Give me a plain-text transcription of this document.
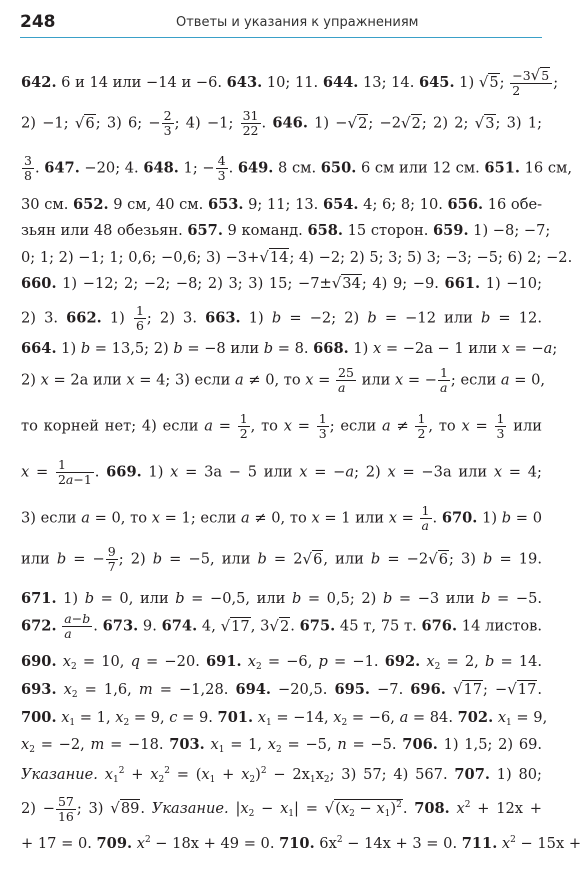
248	Ответы и указания к упражнениям
642. 6 и 14 или −14 и −6. 643. 10; 11. 644. 13; 14. 645. 1) √5; $\frac{-3√5}{2}$ ;
2) −1; √6; 3) 6; − $\frac{2}{3}$ ; 4) −1; $\frac{31}{22}$ . 646. 1) −√2; −2√2; 2) 2; √3; 3) 1;
$\frac{3}{8}$ . 647. −20; 4. 648. 1; − $\frac{4}{3}$ . 649. 8 см. 650. 6 см или 12 см. 651. 16 см,
30 см. 652. 9 см, 40 см. 653. 9; 11; 13. 654. 4; 6; 8; 10. 656. 16 обе-
зьян или 48 обезьян. 657. 9 команд. 658. 15 сторон. 659. 1) −8; −7;
0; 1; 2) −1; 1; 0,6; −0,6; 3) −3+√14; 4) −2; 2) 5; 3; 5) 3; −3; −5; 6) 2; −2.
660. 1) −12; 2; −2; −8; 2) 3; 3) 15; −7±√34; 4) 9; −9. 661. 1) −10;
2) 3. 662. $1) \frac{1}{6}$ ; 2) 3. 663. 1) b = −2; 2) b = −12 или b = 12.
664. 1) b = 13,5; 2) b = −8 или b = 8. 668. 1) x = −2a − 1 или x = −a;
2) x = 2a или x = 4; 3) если a ≠ 0, то $x = \frac{25}{a}$ или x = − $\frac{1}{a}$ ; если a = 0,
то корней нет; 4) если $a = \frac{1}{2}$ , то $x = \frac{1}{3}$ ; если $a \ne \frac{1}{2}$ , то $x = \frac{1}{3}$ или
$x = \frac{1}{2a-1}$ . 669. 1) x = 3a − 5 или x = −a; 2) x = −3a или x = 4;
3) если a = 0, то x = 1; если a ≠ 0, то x = 1 или $x = \frac{1}{a}$ . 670. 1) b = 0
или b = − $\frac{9}{7}$ ; 2) b = −5, или b = 2√6, или b = −2√6; 3) b = 19.
671. 1) b = 0, или b = −0,5, или b = 0,5; 2) b = −3 или b = −5.
672. $\frac{a-b}{a}$ . 673. 9. 674. 4, √17, 3√2. 675. 45 т, 75 т. 676. 14 листов.
690. $x_2 = 10$, q = −20. 691. $x_2 = -6$, p = −1. 692. $x_2 = 2$, b = 14.
693. $x_2 = 1,6$, m = −1,28. 694. −20,5. 695. −7. 696. √17; −√17.
700. $x_1 = 1$, $x_2 = 9$, c = 9. 701. $x_1 = -14$, $x_2 = -6$, a = 84. 702. $x_1 = 9$,
$x_2 = -2$, m = −18. 703. $x_1 = 1$, $x_2 = -5$, n = −5. 706. 1) 1,5; 2) 69.
Указание. $x_1^2 + x_2^2 = (x_1 + x_2)^2 - 2x_1x_2$; 3) 57; 4) 567. 707. 1) 80;
$2) - \frac{57}{16}$ ; 3) √89. Указание. $|x_2 - x_1| = √(x_2 - x_1)^2$. 708. $x^2 + 12x$ +
+ 17 = 0. 709. $x^2 - 18x + 49 = 0$. 710. $6x^2 - 14x + 3 = 0$. 711. $x^2 - 15x$ +
